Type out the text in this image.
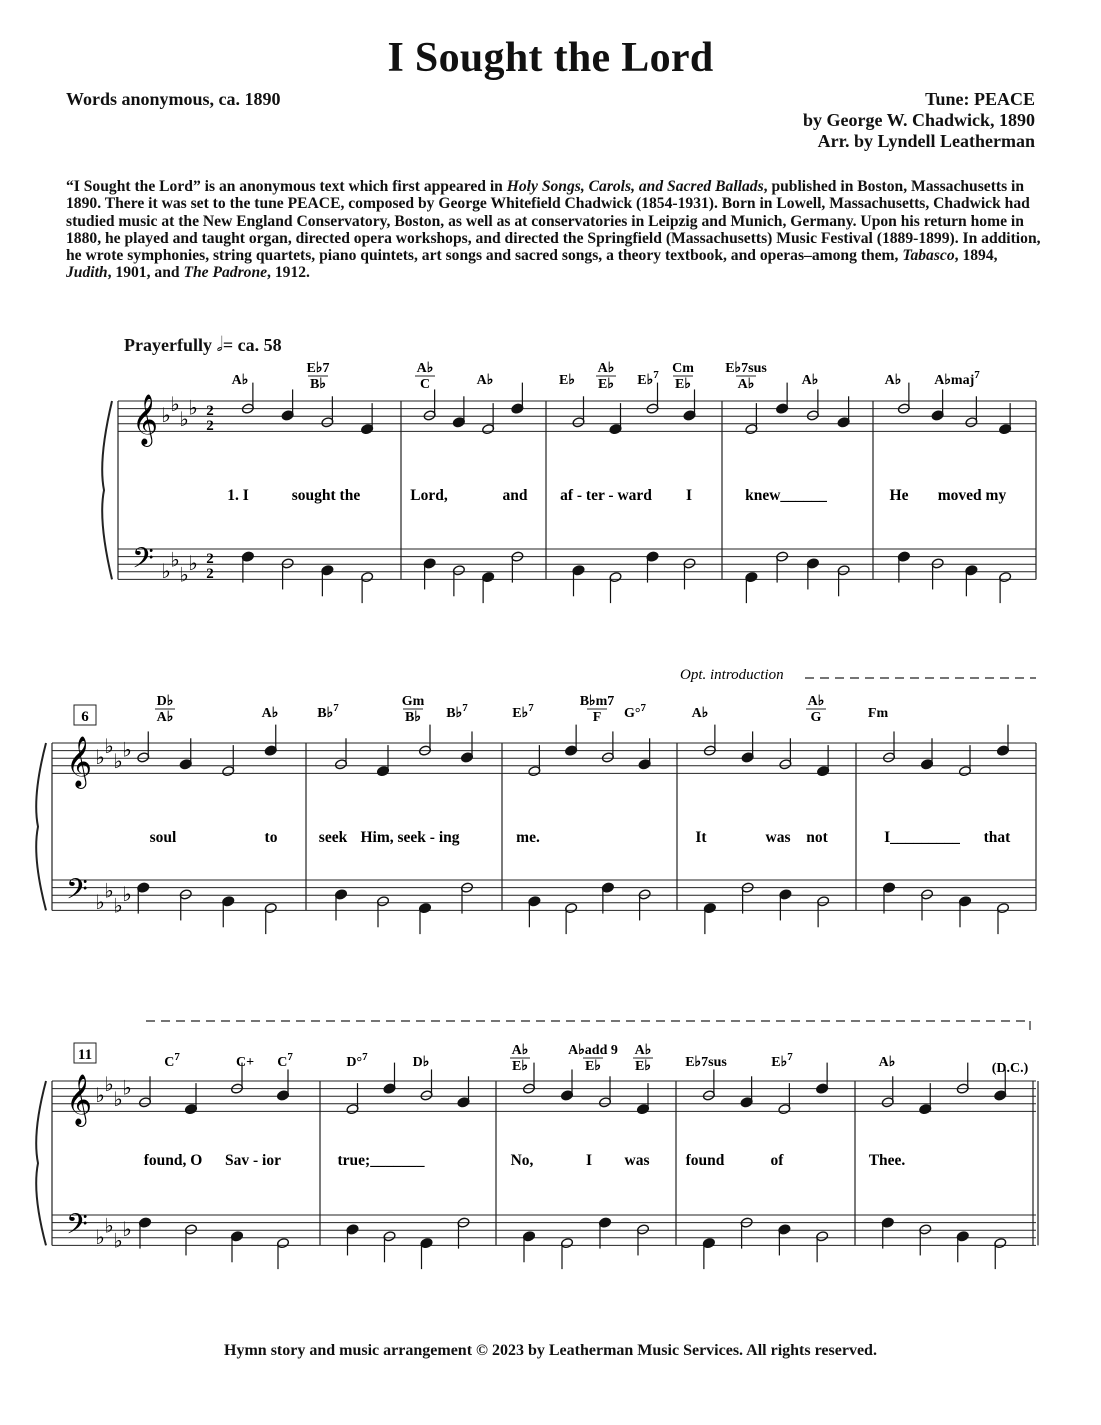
I Sought the Lord
Words anonymous, ca. 1890	Tune: PEACE
by George W. Chadwick, 1890
Arr. by Lyndell Leatherman
“I Sought the Lord” is an anonymous text which first appeared in Holy Songs, Carols, and Sacred Ballads, published in Boston, Massachusetts in 1890. There it was set to the tune PEACE, composed by George Whitefield Chadwick (1854-1931). Born in Lowell, Massachusetts, Chadwick had studied music at the New England Conservatory, Boston, as well as at conservatories in Leipzig and Munich, Germany. Upon his return home in 1880, he played and taught organ, directed opera workshops, and directed the Springfield (Massachusetts) Music Festival (1889-1899). In addition, he wrote symphonies, string quartets, piano quintets, art songs and sacred songs, a theory textbook, and operas–among them, Tabasco, 1894, Judith, 1901, and The Padrone, 1912.
Prayerfully 𝅗𝅥= ca. 58
𝄞
𝄢
♭
♭
♭
♭
♭
♭
♭
♭
2
2
2
2
A♭
E♭7
B♭
A♭
C	A♭	E♭
A♭
E♭ E♭$^7$ Cm
E♭
E♭7sus
A♭	A♭	A♭ A♭maj$^7$
1. I	sought the	Lord,	and af - ter - ward I	knew______	He moved my
𝄞
𝄢
♭
♭
♭
♭
♭
♭
♭
♭
6
D♭
A♭	A♭	B♭$^7$	Gm
B♭ B♭$^7$	E♭$^7$	B♭m7
F G°$^7$	A♭
A♭
G	Fm
soul	to	seek Him, seek - ing	me.	It	was not	I_________ that
Opt. introduction
𝄞
𝄢
♭
♭
♭
♭
♭
♭
♭
♭
11	$C^7$	$C+ C^7$	D°$^7$	D♭
A♭
E♭
A♭add 9
E♭
A♭
E♭ E♭7sus	E♭$^7$	A♭
found, O Sav - ior	true;_______	No,	I was found	of	Thee.
(D.C.)
Hymn story and music arrangement © 2023 by Leatherman Music Services. All rights reserved.
